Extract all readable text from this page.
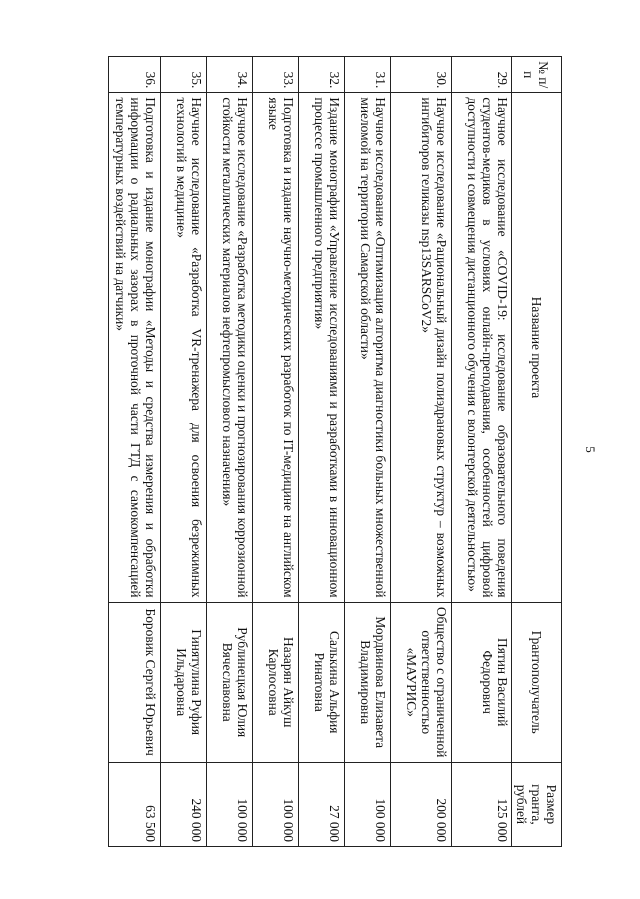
5
№ п/п	Название проекта	Грантополучатель	Размер гранта, рублей
29.	Научное исследование «COVID-19: исследование образовательного поведения студентов-медиков в условиях онлайн-преподавания, особенностей цифровой доступности и совмещения дистанционного обучения с волонтерской деятельностью»	Пятин Василий Федорович	125 000
30.	Научное исследование «Рациональный дизайн полиэдрановых структур – возможных ингибиторов геликазы nsp13SARSCoV2»	Общество с ограниченной ответственностью «МАУРИС»	200 000
31.	Научное исследование «Оптимизация алгоритма диагностики больных множественной миеломой на территории Самарской области»	Мордвинова Елизавета Владимировна	100 000
32.	Издание монографии «Управление исследованиями и разработками в инновационном процессе промышленного предприятия»	Салькина Альфия Ринатовна	27 000
33.	Подготовка и издание научно-методических разработок по IT-медицине на английском языке	Назарян Айкуш Карлосовна	100 000
34.	Научное исследование «Разработка методики оценки и прогнозирования коррозионной стойкости металлических материалов нефтепромыслового назначения»	Рублинецкая Юлия Вячеславовна	100 000
35.	Научное исследование «Разработка VR-тренажера для освоения безрежимных технологий в медицине»	Гинятулина Руфия Ильдаровна	240 000
36.	Подготовка и издание монографии «Методы и средства измерения и обработки информации о радиальных зазорах в проточной части ГТД с самокомпенсацией температурных воздействий на датчики»	Боровик Сергей Юрьевич	63 500
